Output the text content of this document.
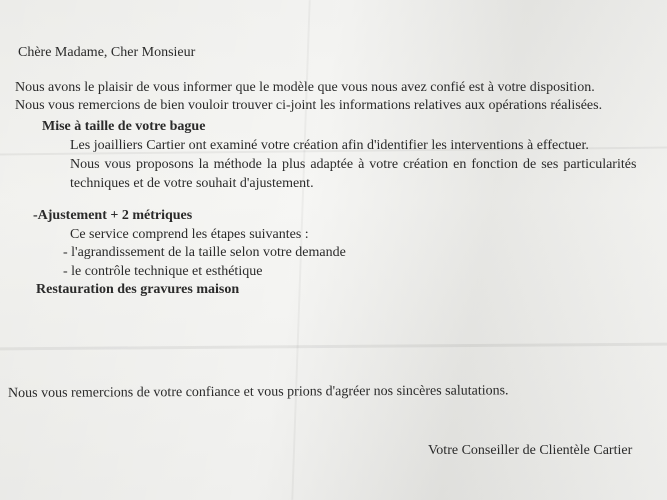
Chère Madame, Cher Monsieur
Nous avons le plaisir de vous informer que le modèle que vous nous avez confié est à votre disposition.
Nous vous remercions de bien vouloir trouver ci-joint les informations relatives aux opérations réalisées.
Mise à taille de votre bague
Les joailliers Cartier ont examiné votre création afin d'identifier les interventions à effectuer.
Nous vous proposons la méthode la plus adaptée à votre création en fonction de ses particularités
techniques et de votre souhait d'ajustement.
-Ajustement + 2 métriques
Ce service comprend les étapes suivantes :
- l'agrandissement de la taille selon votre demande
- le contrôle technique et esthétique
Restauration des gravures maison
Nous vous remercions de votre confiance et vous prions d'agréer nos sincères salutations.
Votre Conseiller de Clientèle Cartier
